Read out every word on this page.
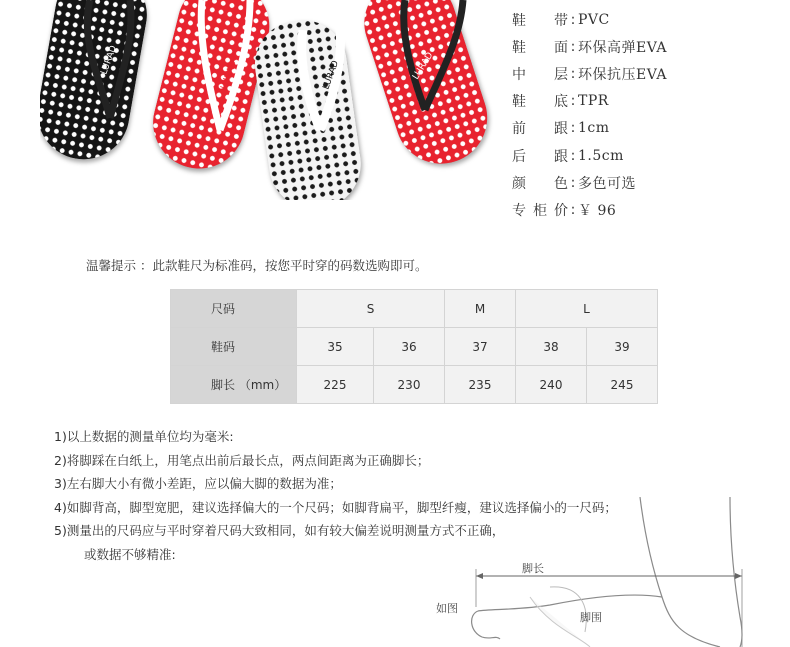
LURAD	LURAD	LURAD	LURAD
鞋带 : PVC
鞋面 : 环保高弹EVA
中层 : 环保抗压EVA
鞋底 : TPR
前跟 : 1cm
后跟 : 1.5cm
颜色 : 多色可选
专柜价 : ￥ 96
温馨提示 ：此款鞋尺为标准码，按您平时穿的码数选购即可。
尺码	S		M	L	
鞋码	35	36	37	38	39
脚长 （mm）	225	230	235	240	245
1)以上数据的测量单位均为毫米:
2)将脚踩在白纸上，用笔点出前后最长点，两点间距离为正确脚长；
3)左右脚大小有微小差距，应以偏大脚的数据为准；
4)如脚背高，脚型宽肥，建议选择偏大的一个尺码；如脚背扁平，脚型纤瘦，建议选择偏小的一尺码；
5)测量出的尺码应与平时穿着尺码大致相同，如有较大偏差说明测量方式不正确，
或数据不够精准:
脚长
脚围
如图
